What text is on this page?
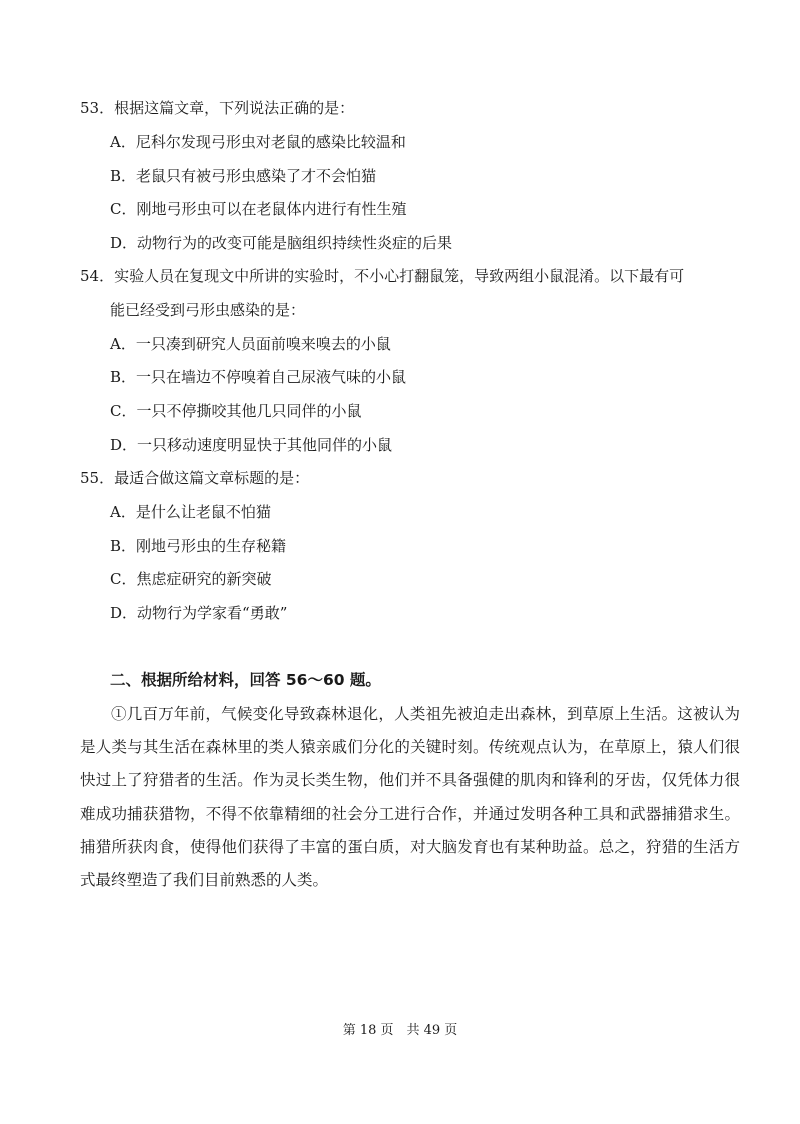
53．根据这篇文章，下列说法正确的是：
A．尼科尔发现弓形虫对老鼠的感染比较温和
B．老鼠只有被弓形虫感染了才不会怕猫
C．刚地弓形虫可以在老鼠体内进行有性生殖
D．动物行为的改变可能是脑组织持续性炎症的后果
54．实验人员在复现文中所讲的实验时，不小心打翻鼠笼，导致两组小鼠混淆。以下最有可
能已经受到弓形虫感染的是：
A．一只凑到研究人员面前嗅来嗅去的小鼠
B．一只在墙边不停嗅着自己尿液气味的小鼠
C．一只不停撕咬其他几只同伴的小鼠
D．一只移动速度明显快于其他同伴的小鼠
55．最适合做这篇文章标题的是：
A．是什么让老鼠不怕猫
B．刚地弓形虫的生存秘籍
C．焦虑症研究的新突破
D．动物行为学家看“勇敢”
二、根据所给材料，回答 56～60 题。

①几百万年前，气候变化导致森林退化，人类祖先被迫走出森林，到草原上生活。这被认为是人类与其生活在森林里的类人猿亲戚们分化的关键时刻。传统观点认为，在草原上，猿人们很快过上了狩猎者的生活。作为灵长类生物，他们并不具备强健的肌肉和锋利的牙齿，仅凭体力很难成功捕获猎物，不得不依靠精细的社会分工进行合作，并通过发明各种工具和武器捕猎求生。捕猎所获肉食，使得他们获得了丰富的蛋白质，对大脑发育也有某种助益。总之，狩猎的生活方式最终塑造了我们目前熟悉的人类。

第 18 页　共 49 页
